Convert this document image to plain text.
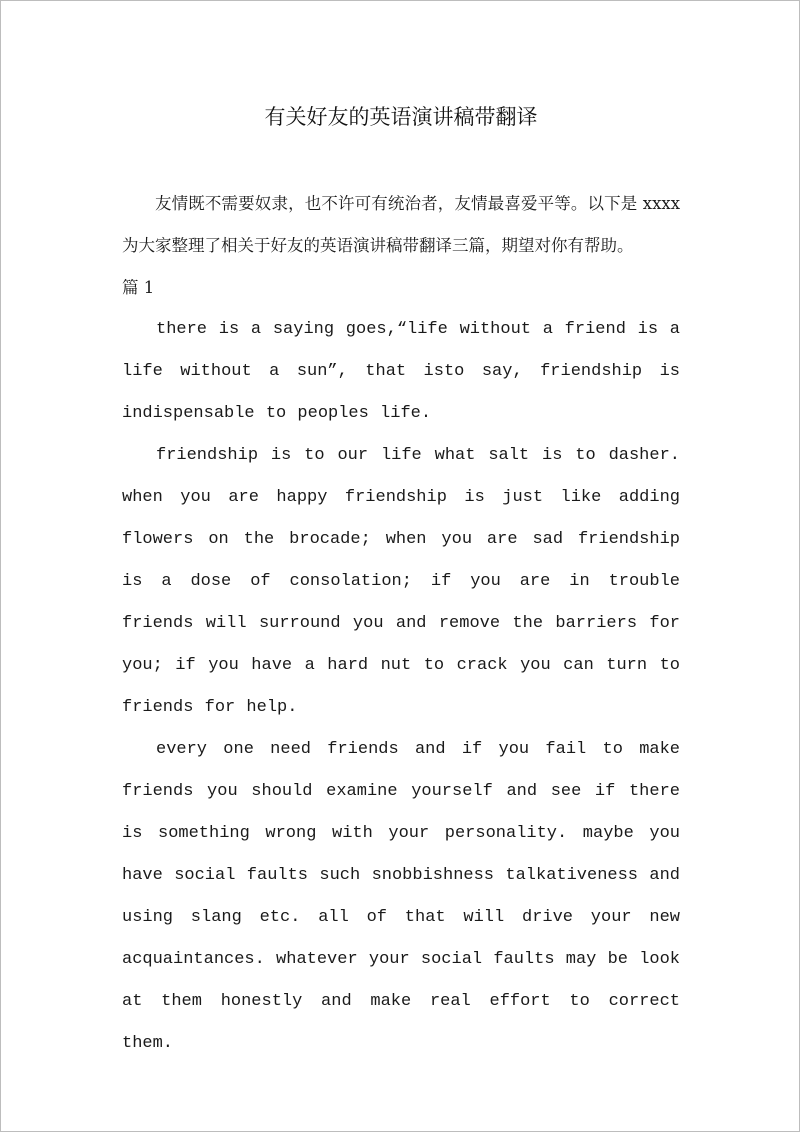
有关好友的英语演讲稿带翻译

友情既不需要奴隶，也不许可有统治者，友情最喜爱平等。以下是 xxxx 为大家整理了相关于好友的英语演讲稿带翻译三篇，期望对你有帮助。

篇 1

there is a saying goes,“life without a friend is a life without a sun”, that isto say, friendship is indispensable to peoples life.

friendship is to our life what salt is to dasher. when you are happy friendship is just like adding flowers on the brocade; when you are sad friendship is a dose of consolation; if you are in trouble friends will surround you and remove the barriers for you; if you have a hard nut to crack you can turn to friends for help.

every one need friends and if you fail to make friends you should examine yourself and see if there is something wrong with your personality. maybe you have social faults such snobbishness talkativeness and using slang etc. all of that will drive your new acquaintances. whatever your social faults may be look at them honestly and make real effort to correct them.
